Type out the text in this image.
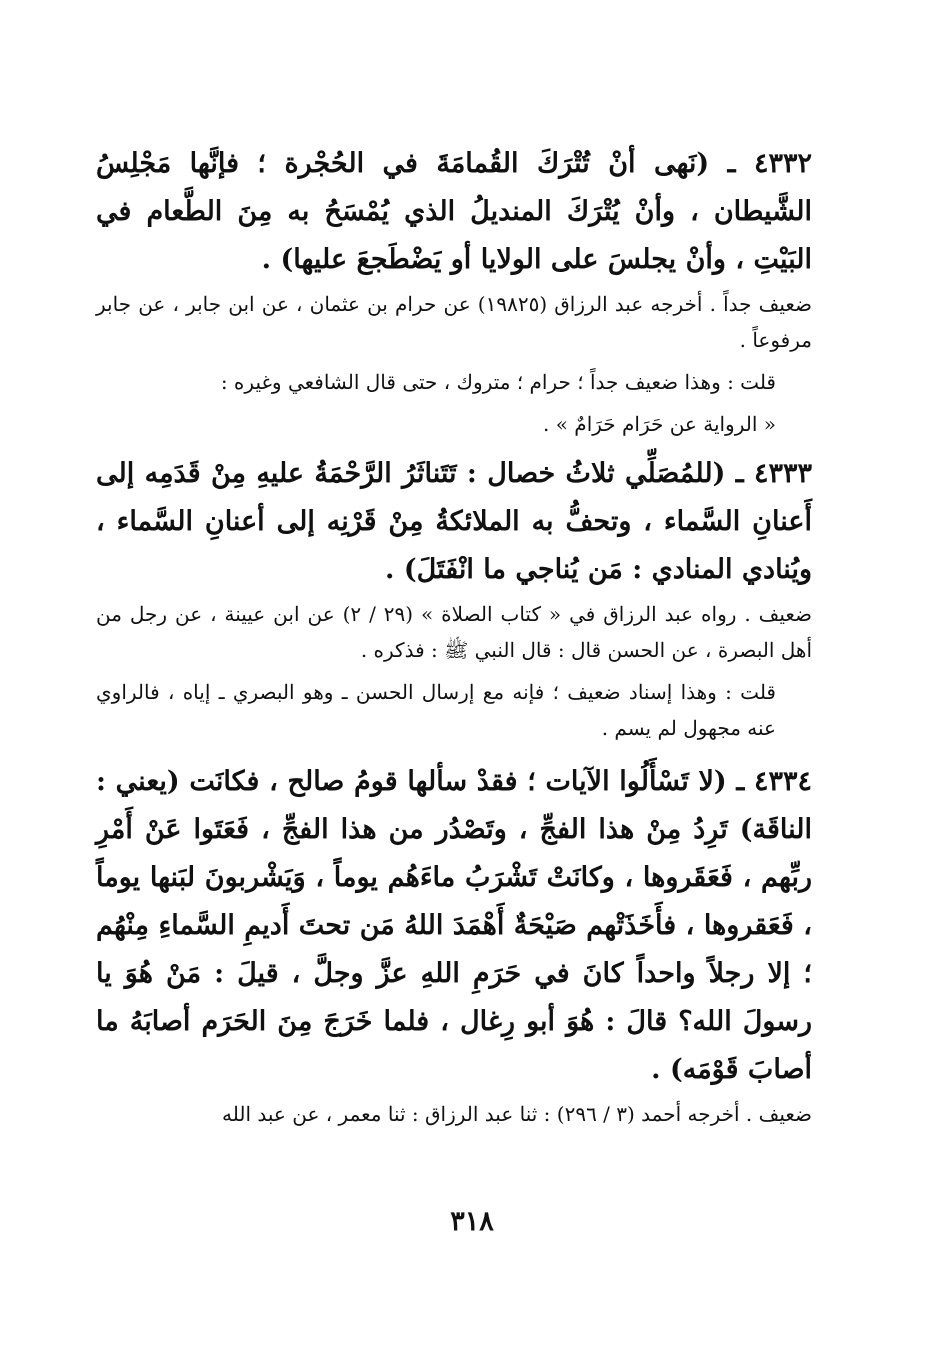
٤٣٣٢ ـ (نَهى أنْ تُتْرَكَ القُمامَةَ في الحُجْرة ؛ فإنَّها مَجْلِسُ الشَّيطان ، وأنْ يُتْرَكَ المنديلُ الذي يُمْسَحُ به مِنَ الطَّعام في البَيْتِ ، وأنْ يجلسَ على الولايا أو يَضْطَجعَ عليها) .

ضعيف جداً . أخرجه عبد الرزاق (١٩٨٢٥) عن حرام بن عثمان ، عن ابن جابر ، عن جابر مرفوعاً .

قلت : وهذا ضعيف جداً ؛ حرام ؛ متروك ، حتى قال الشافعي وغيره :

« الرواية عن حَرَام حَرَامٌ » .

٤٣٣٣ ـ (للمُصَلِّي ثلاثُ خصال : تَتَناثَرُ الرَّحْمَةُ عليهِ مِنْ قَدَمِه إلى أَعنانِ السَّماء ، وتحفُّ به الملائكةُ مِنْ قَرْنِه إلى أعنانِ السَّماء ، ويُنادي المنادي : مَن يُناجي ما انْفَتَلَ) .

ضعيف . رواه عبد الرزاق في « كتاب الصلاة » (٢٩ / ٢) عن ابن عيينة ، عن رجل من أهل البصرة ، عن الحسن قال : قال النبي ﷺ : فذكره .

قلت : وهذا إسناد ضعيف ؛ فإنه مع إرسال الحسن ـ وهو البصري ـ إياه ، فالراوي عنه مجهول لم يسم .

٤٣٣٤ ـ (لا تَسْأَلُوا الآيات ؛ فقدْ سألها قومُ صالح ، فكانَت (يعني : الناقَة) تَرِدُ مِنْ هذا الفجِّ ، وتَصْدُر من هذا الفجِّ ، فَعَتَوا عَنْ أَمْرِ ربِّهم ، فَعَقَروها ، وكانَتْ تَشْرَبُ ماءَهُم يوماً ، وَيَشْربونَ لبَنها يوماً ، فَعَقروها ، فأَخَذَتْهم صَيْحَةٌ أَهْمَدَ اللهُ مَن تحتَ أَديمِ السَّماءِ مِنْهُم ؛ إلا رجلاً واحداً كانَ في حَرَمِ اللهِ عزَّ وجلَّ ، قيلَ : مَنْ هُوَ يا رسولَ الله؟ قالَ : هُوَ أبو رِغال ، فلما خَرَجَ مِنَ الحَرَم أصابَهُ ما أصابَ قَوْمَه) .

ضعيف . أخرجه أحمد (٣ / ٢٩٦) : ثنا عبد الرزاق : ثنا معمر ، عن عبد الله

٣١٨
